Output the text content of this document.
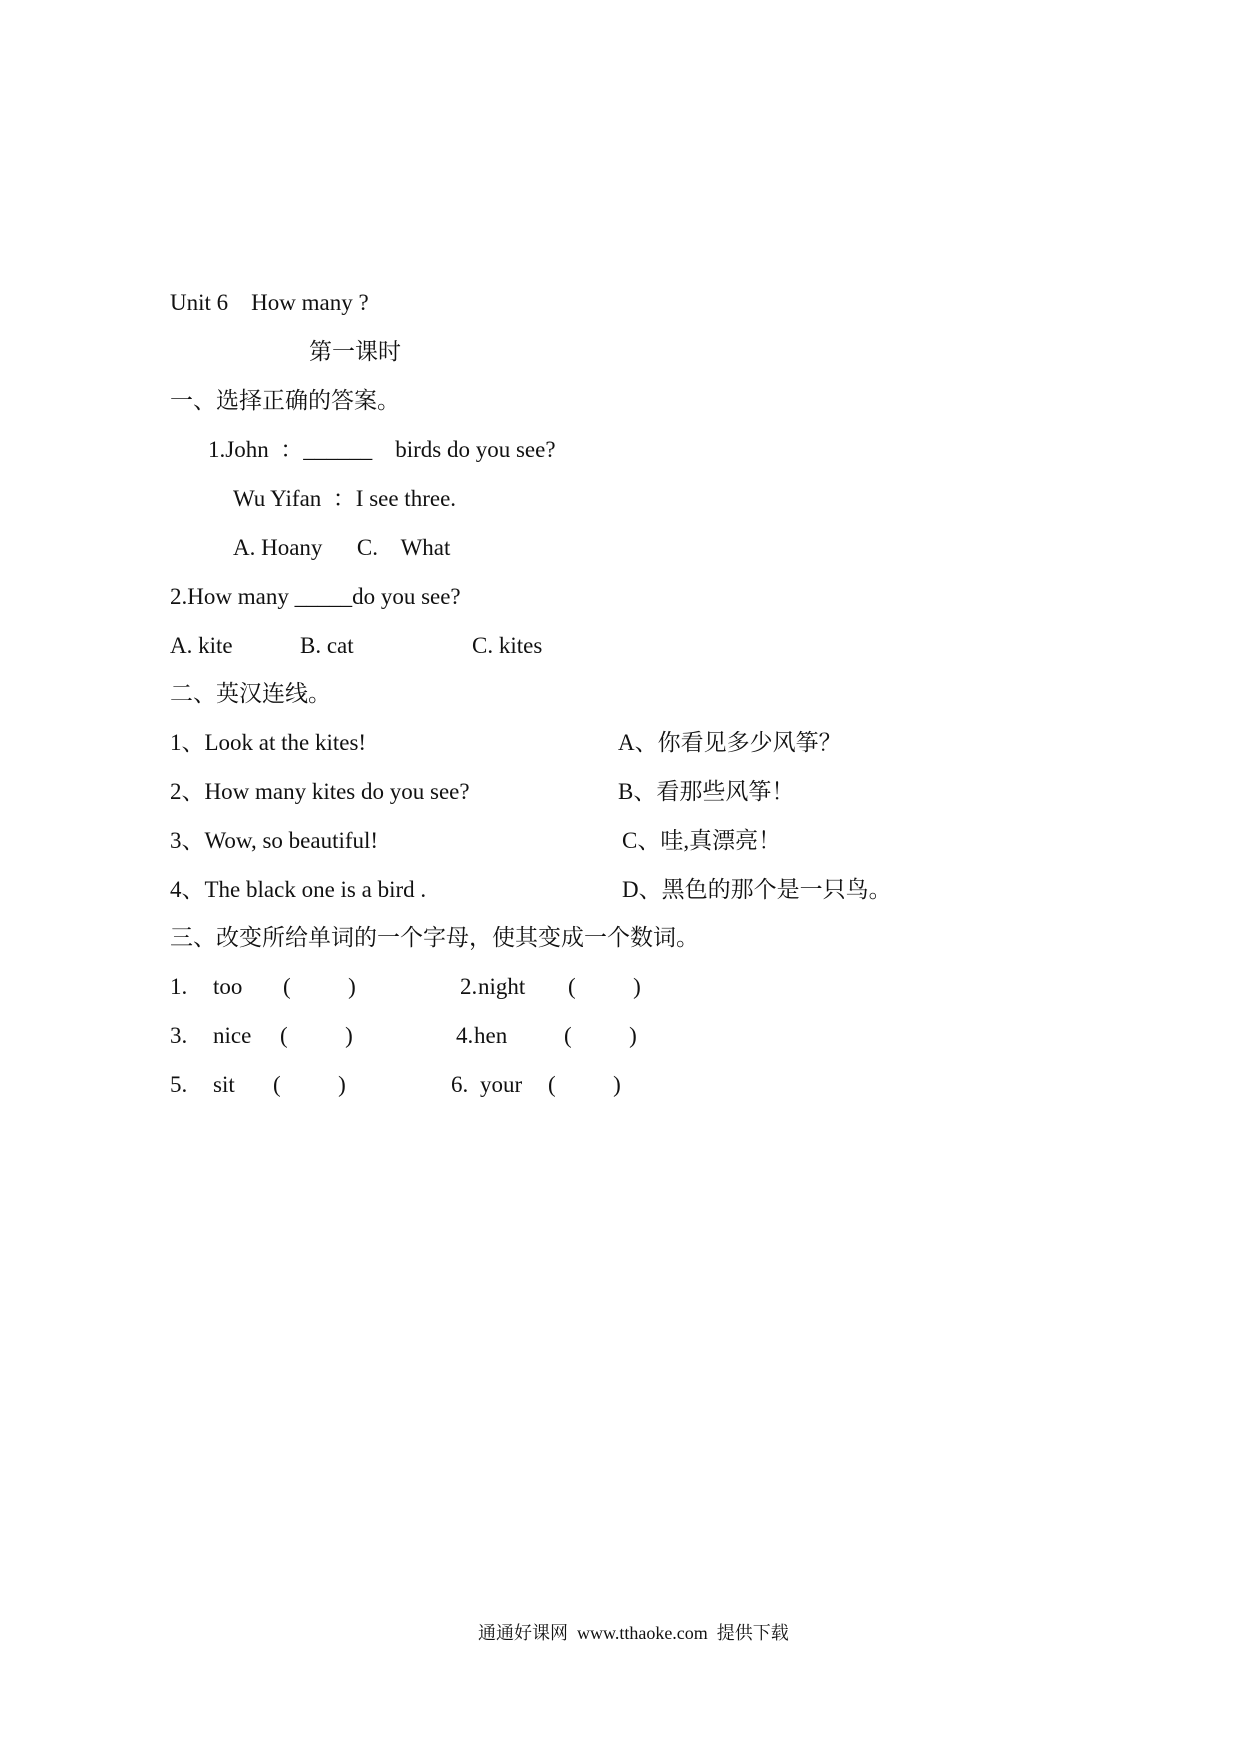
Unit 6    How many ?
第一课时
一、选择正确的答案。
1.John  ：______    birds do you see?
Wu Yifan  ：I see three.
A. Hoany      C.    What
2.How many _____do you see?
A. kite	B. cat	C. kites
二、英汉连线。
1、Look at the kites!	A、你看见多少风筝？
2、How many kites do you see?	B、看那些风筝！
3、Wow, so beautiful!	C、哇,真漂亮！
4、The black one is a bird .	D、黑色的那个是一只鸟。
三、改变所给单词的一个字母，使其变成一个数词。
1. too (          )	2. night (          )
3. nice (          )	4. hen (          )
5. sit (          )	6. your (          )
通通好课网  www.tthaoke.com  提供下载
